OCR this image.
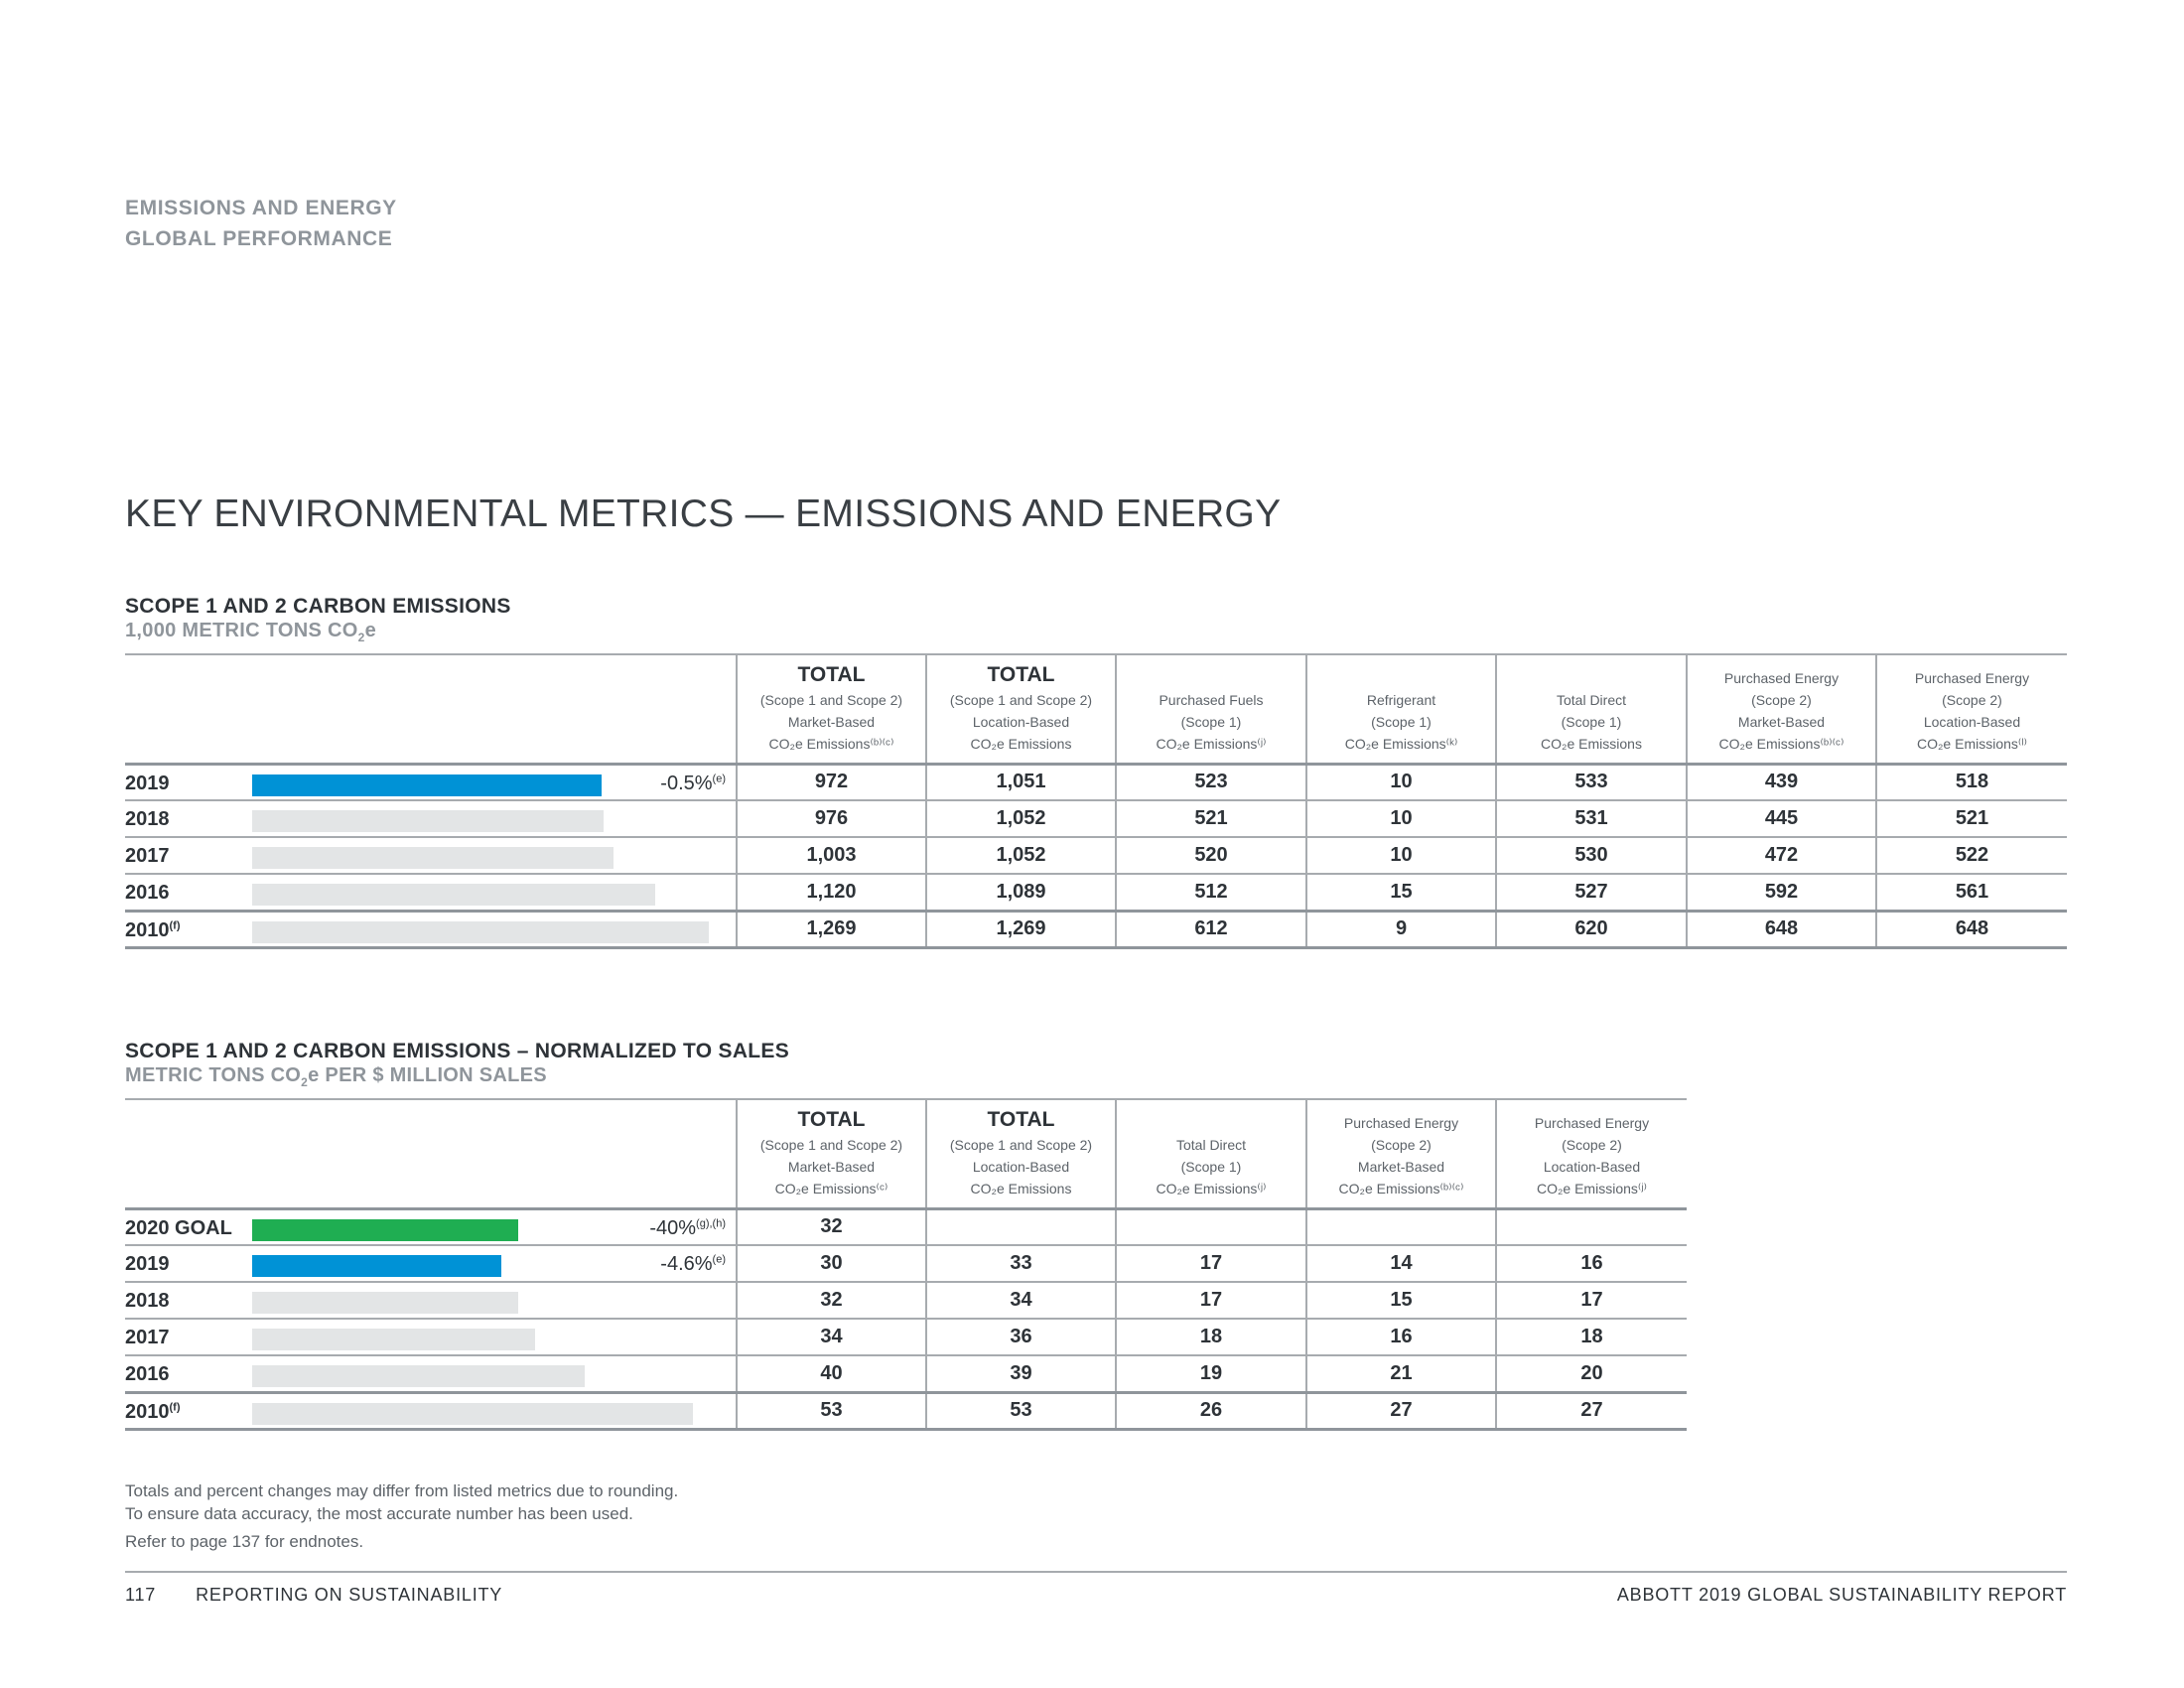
EMISSIONS AND ENERGY
GLOBAL PERFORMANCE
KEY ENVIRONMENTAL METRICS — EMISSIONS AND ENERGY
SCOPE 1 AND 2 CARBON EMISSIONS
1,000 METRIC TONS $CO_2e$

	TOTAL
(Scope 1 and Scope 2)
Market-Based
CO₂e Emissions⁽ᵇ⁾⁽ᶜ⁾	TOTAL
(Scope 1 and Scope 2)
Location-Based
CO₂e Emissions	Purchased Fuels
(Scope 1)
CO₂e Emissions⁽ʲ⁾	Refrigerant
(Scope 1)
CO₂e Emissions⁽ᵏ⁾	Total Direct
(Scope 1)
CO₂e Emissions	Purchased Energy
(Scope 2)
Market-Based
CO₂e Emissions⁽ᵇ⁾⁽ᶜ⁾	Purchased Energy
(Scope 2)
Location-Based
CO₂e Emissions⁽ˡ⁾

2019 -0.5%$^{(e)}$	972	1,051	523	10	533	439	518

2018	976	1,052	521	10	531	445	521

2017	1,003	1,052	520	10	530	472	522

2016	1,120	1,089	512	15	527	592	561

2010$^{(f)}$	1,269	1,269	612	9	620	648	648
SCOPE 1 AND 2 CARBON EMISSIONS – NORMALIZED TO SALES
METRIC TONS $CO_2e$ PER $ MILLION SALES

	TOTAL
(Scope 1 and Scope 2)
Market-Based
CO₂e Emissions⁽ᶜ⁾	TOTAL
(Scope 1 and Scope 2)
Location-Based
CO₂e Emissions	Total Direct
(Scope 1)
CO₂e Emissions⁽ʲ⁾	Purchased Energy
(Scope 2)
Market-Based
CO₂e Emissions⁽ᵇ⁾⁽ᶜ⁾	Purchased Energy
(Scope 2)
Location-Based
CO₂e Emissions⁽ʲ⁾

2020 GOAL -40%$^{(g),(h)}$	32				

2019 -4.6%$^{(e)}$	30	33	17	14	16

2018	32	34	17	15	17

2017	34	36	18	16	18

2016	40	39	19	21	20

2010$^{(f)}$	53	53	26	27	27
Totals and percent changes may differ from listed metrics due to rounding.
To ensure data accuracy, the most accurate number has been used.
Refer to page 137 for endnotes.
117 REPORTING ON SUSTAINABILITY	ABBOTT 2019 GLOBAL SUSTAINABILITY REPORT
